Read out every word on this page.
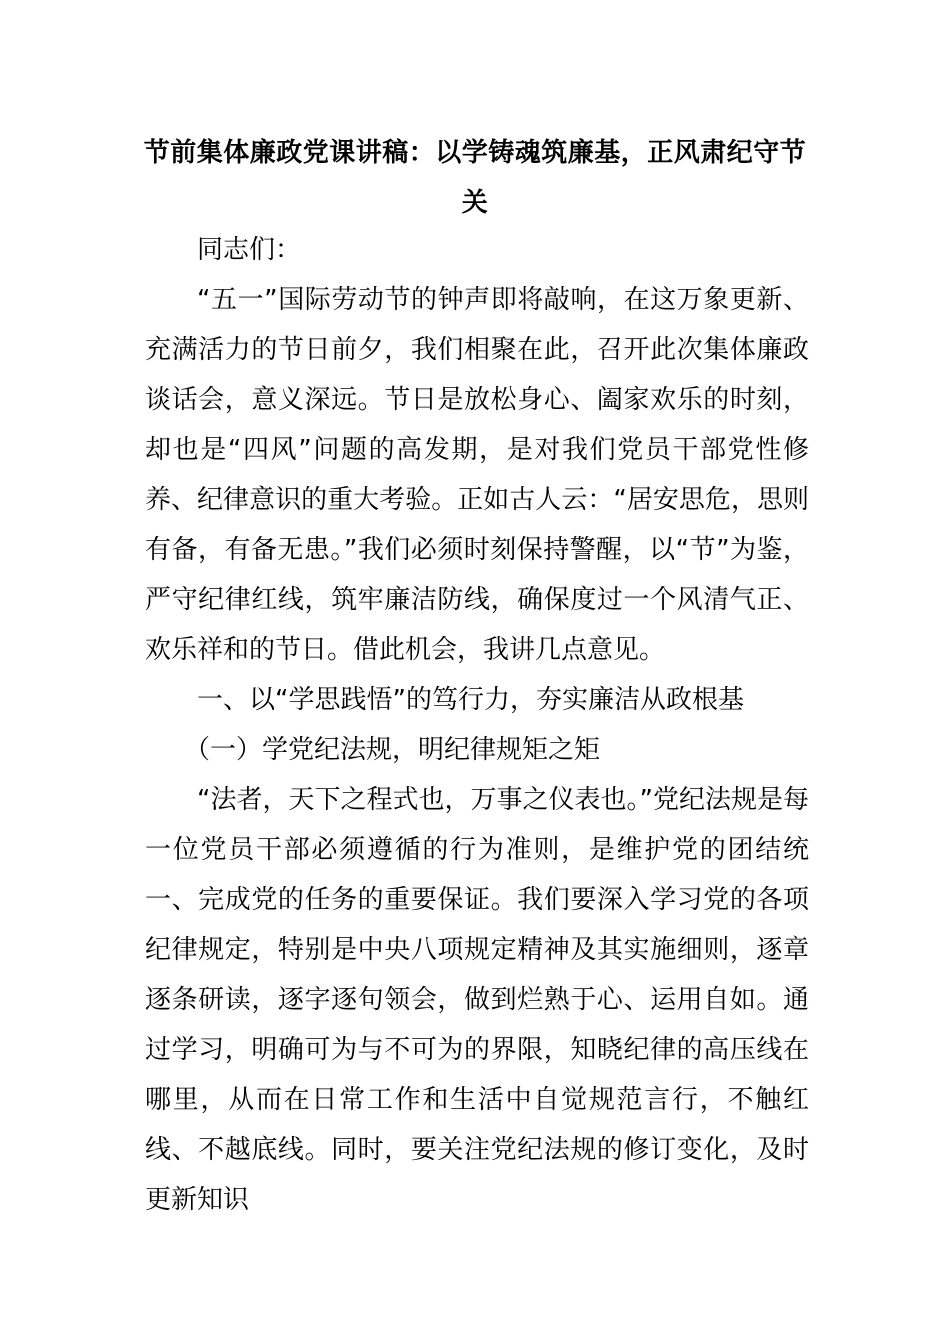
节前集体廉政党课讲稿：以学铸魂筑廉基，正风肃纪守节关

同志们：

“五一”国际劳动节的钟声即将敲响，在这万象更新、充满活力的节日前夕，我们相聚在此，召开此次集体廉政谈话会，意义深远。节日是放松身心、阖家欢乐的时刻，却也是“四风”问题的高发期，是对我们党员干部党性修养、纪律意识的重大考验。正如古人云：“居安思危，思则有备，有备无患。”我们必须时刻保持警醒，以“节”为鉴，严守纪律红线，筑牢廉洁防线，确保度过一个风清气正、欢乐祥和的节日。借此机会，我讲几点意见。

一、以“学思践悟”的笃行力，夯实廉洁从政根基

（一）学党纪法规，明纪律规矩之矩

“法者，天下之程式也，万事之仪表也。”党纪法规是每一位党员干部必须遵循的行为准则，是维护党的团结统一、完成党的任务的重要保证。我们要深入学习党的各项纪律规定，特别是中央八项规定精神及其实施细则，逐章逐条研读，逐字逐句领会，做到烂熟于心、运用自如。通过学习，明确可为与不可为的界限，知晓纪律的高压线在哪里，从而在日常工作和生活中自觉规范言行，不触红线、不越底线。同时，要关注党纪法规的修订变化，及时更新知识
